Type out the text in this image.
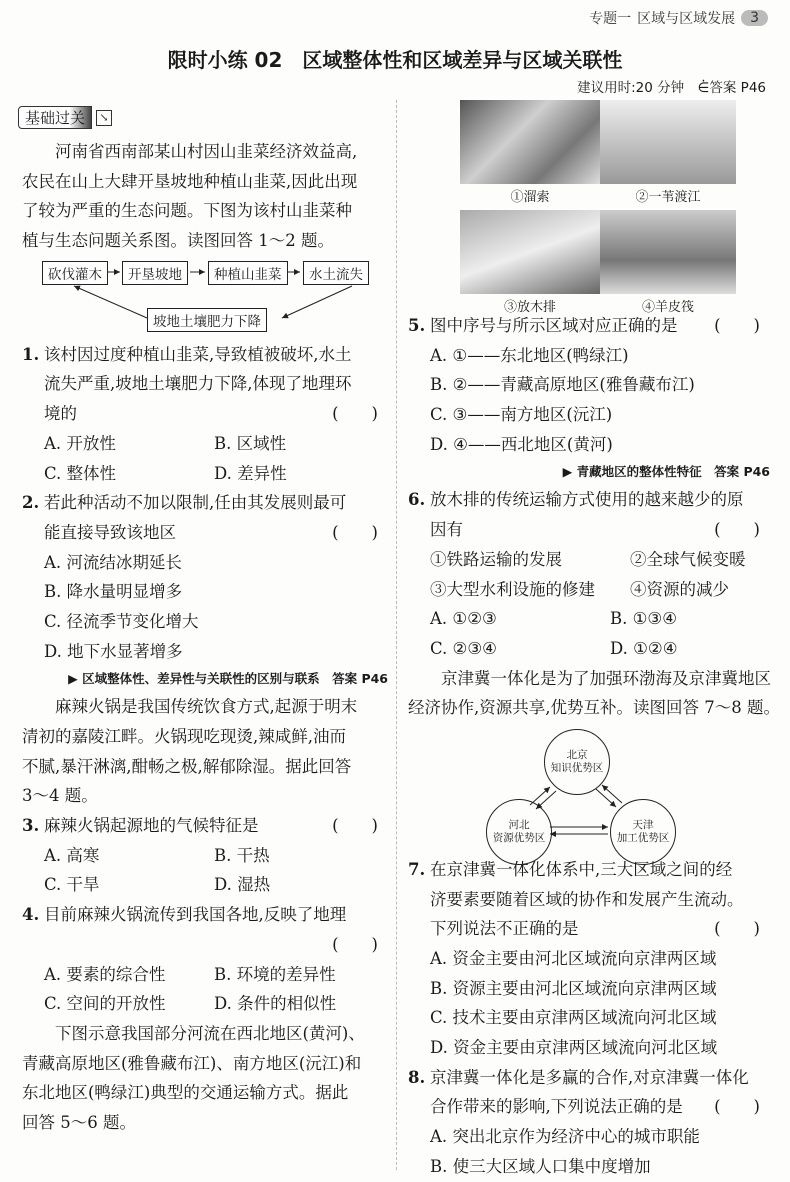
专题一 区域与区域发展	3
限时小练 02　区域整体性和区域差异与区域关联性
建议用时:20 分钟　 ⋵答案 P46
基础过关	↘
河南省西南部某山村因山韭菜经济效益高,
农民在山上大肆开垦坡地种植山韭菜,因此出现
了较为严重的生态问题。下图为该村山韭菜种
植与生态问题关系图。读图回答 1～2 题。
砍伐灌木	开垦坡地	种植山韭菜	水土流失
坡地土壤肥力下降
1. 该村因过度种植山韭菜,导致植被破坏,水土
流失严重,坡地土壤肥力下降,体现了地理环
境的	(　　)
A. 开放性	B. 区域性
C. 整体性	D. 差异性
2. 若此种活动不加以限制,任由其发展则最可
能直接导致该地区	(　　)
A. 河流结冰期延长
B. 降水量明显增多
C. 径流季节变化增大
D. 地下水显著增多
▶ 区域整体性、差异性与关联性的区别与联系　答案 P46
麻辣火锅是我国传统饮食方式,起源于明末
清初的嘉陵江畔。火锅现吃现烫,辣咸鲜,油而
不腻,暴汗淋漓,酣畅之极,解郁除湿。据此回答
3～4 题。
3. 麻辣火锅起源地的气候特征是	(　　)
A. 高寒	B. 干热
C. 干旱	D. 湿热
4. 目前麻辣火锅流传到我国各地,反映了地理
(　　)
A. 要素的综合性	B. 环境的差异性
C. 空间的开放性	D. 条件的相似性
下图示意我国部分河流在西北地区(黄河)、
青藏高原地区(雅鲁藏布江)、南方地区(沅江)和
东北地区(鸭绿江)典型的交通运输方式。据此
回答 5～6 题。
①溜索	②一苇渡江
③放木排	④羊皮筏
5. 图中序号与所示区域对应正确的是 (　　)
A. ①——东北地区(鸭绿江)
B. ②——青藏高原地区(雅鲁藏布江)
C. ③——南方地区(沅江)
D. ④——西北地区(黄河)
▶ 青藏地区的整体性特征　答案 P46
6. 放木排的传统运输方式使用的越来越少的原
因有	(　　)
①铁路运输的发展	②全球气候变暖
③大型水利设施的修建	④资源的减少
A. ①②③	B. ①③④
C. ②③④	D. ①②④
京津冀一体化是为了加强环渤海及京津冀地区
经济协作,资源共享,优势互补。读图回答 7～8 题。
北京
知识优势区
河北
资源优势区
天津
加工优势区
7. 在京津冀一体化体系中,三大区域之间的经
济要素要随着区域的协作和发展产生流动。
下列说法不正确的是	(　　)
A. 资金主要由河北区域流向京津两区域
B. 资源主要由河北区域流向京津两区域
C. 技术主要由京津两区域流向河北区域
D. 资金主要由京津两区域流向河北区域
8. 京津冀一体化是多赢的合作,对京津冀一体化
合作带来的影响,下列说法正确的是 (　　)
A. 突出北京作为经济中心的城市职能
B. 使三大区域人口集中度增加
